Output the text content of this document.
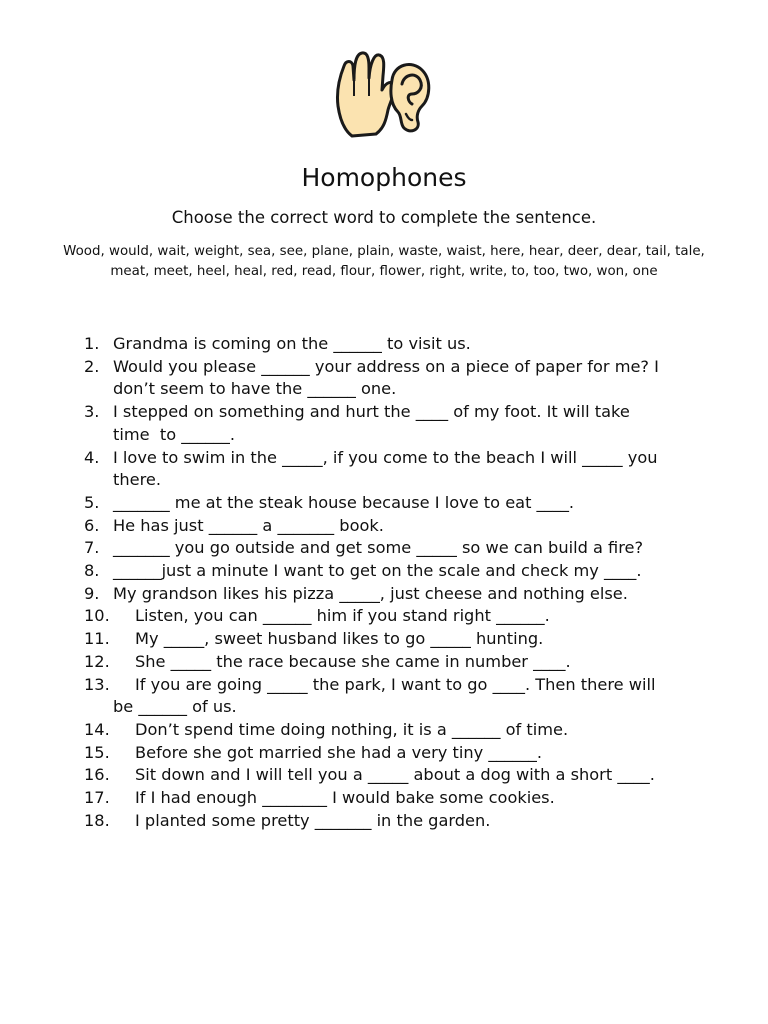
Homophones
Choose the correct word to complete the sentence.
Wood, would, wait, weight, sea, see, plane, plain, waste, waist, here, hear, deer, dear, tail, tale, meat, meet, heel, heal, red, read, flour, flower, right, write, to, too, two, won, one
1. Grandma is coming on the ______ to visit us.
2. Would you please ______ your address on a piece of paper for me? I
don’t seem to have the ______ one.
3. I stepped on something and hurt the ____ of my foot. It will take
time  to ______.
4. I love to swim in the _____, if you come to the beach I will _____ you
there.
5. _______ me at the steak house because I love to eat ____.
6. He has just ______ a _______ book.
7. _______ you go outside and get some _____ so we can build a fire?
8. ______just a minute I want to get on the scale and check my ____.
9. My grandson likes his pizza _____, just cheese and nothing else.
10.	Listen, you can ______ him if you stand right ______.
11.	My _____, sweet husband likes to go _____ hunting.
12.	She _____ the race because she came in number ____.
13.	If you are going _____ the park, I want to go ____. Then there will
be ______ of us.
14.	Don’t spend time doing nothing, it is a ______ of time.
15.	Before she got married she had a very tiny ______.
16.	Sit down and I will tell you a _____ about a dog with a short ____.
17.	If I had enough ________ I would bake some cookies.
18.	I planted some pretty _______ in the garden.
